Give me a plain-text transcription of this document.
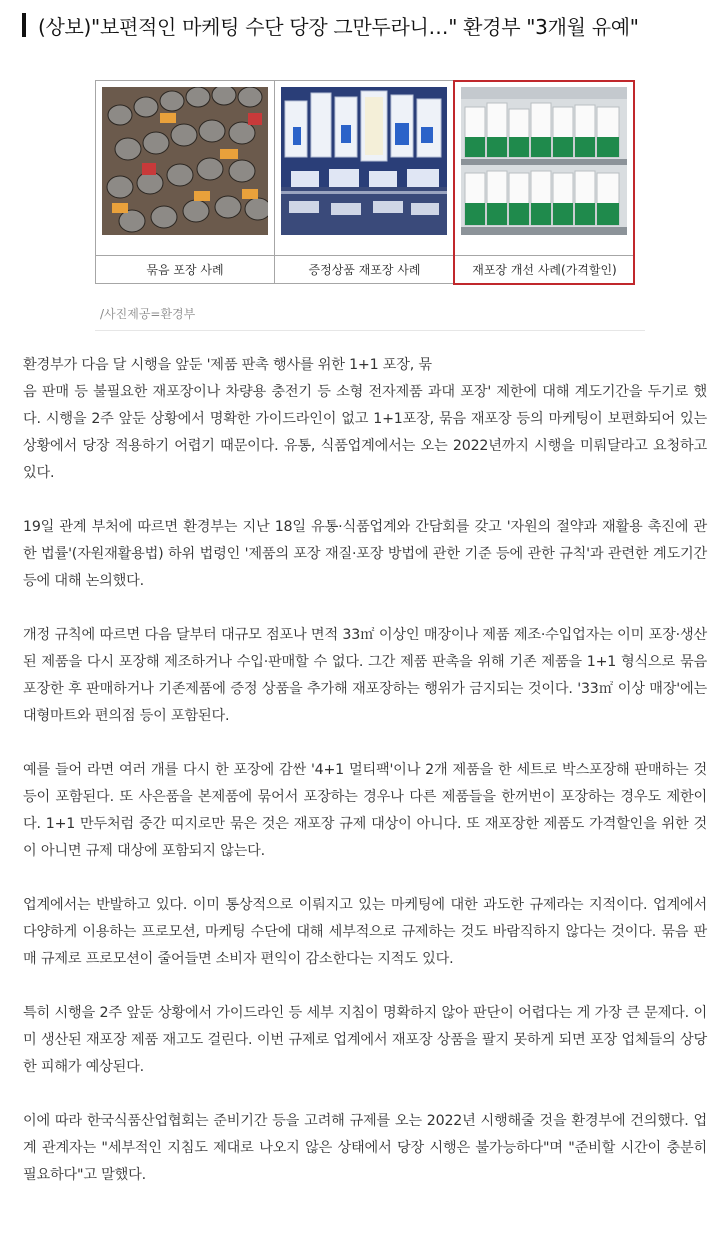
(상보)"보편적인 마케팅 수단 당장 그만두라니…" 환경부 "3개월 유예"
묶음 포장 사례	증정상품 재포장 사례	재포장 개선 사례(가격할인)
/사진제공=환경부

환경부가 다음 달 시행을 앞둔 '제품 판촉 행사를 위한 1+1 포장, 묶
음 판매 등 불필요한 재포장이나 차량용 충전기 등 소형 전자제품 과대 포장' 제한에 대해 계도기간을 두기로 했다. 시행을 2주 앞둔 상황에서 명확한 가이드라인이 없고 1+1포장, 묶음 재포장 등의 마케팅이 보편화되어 있는 상황에서 당장 적용하기 어렵기 때문이다. 유통, 식품업계에서는 오는 2022년까지 시행을 미뤄달라고 요청하고 있다.

19일 관계 부처에 따르면 환경부는 지난 18일 유통·식품업계와 간담회를 갖고 '자원의 절약과 재활용 촉진에 관한 법률'(자원재활용법) 하위 법령인 '제품의 포장 재질·포장 방법에 관한 기준 등에 관한 규칙'과 관련한 계도기간 등에 대해 논의했다.

개정 규칙에 따르면 다음 달부터 대규모 점포나 면적 33㎡ 이상인 매장이나 제품 제조·수입업자는 이미 포장·생산된 제품을 다시 포장해 제조하거나 수입·판매할 수 없다. 그간 제품 판촉을 위해 기존 제품을 1+1 형식으로 묶음 포장한 후 판매하거나 기존제품에 증정 상품을 추가해 재포장하는 행위가 금지되는 것이다. '33㎡ 이상 매장'에는 대형마트와 편의점 등이 포함된다.

예를 들어 라면 여러 개를 다시 한 포장에 감싼 '4+1 멀티팩'이나 2개 제품을 한 세트로 박스포장해 판매하는 것 등이 포함된다. 또 사은품을 본제품에 묶어서 포장하는 경우나 다른 제품들을 한꺼번이 포장하는 경우도 제한이다. 1+1 만두처럼 중간 띠지로만 묶은 것은 재포장 규제 대상이 아니다. 또 재포장한 제품도 가격할인을 위한 것이 아니면 규제 대상에 포함되지 않는다.

업계에서는 반발하고 있다. 이미 통상적으로 이뤄지고 있는 마케팅에 대한 과도한 규제라는 지적이다. 업계에서 다양하게 이용하는 프로모션, 마케팅 수단에 대해 세부적으로 규제하는 것도 바람직하지 않다는 것이다. 묶음 판매 규제로 프로모션이 줄어들면 소비자 편익이 감소한다는 지적도 있다.

특히 시행을 2주 앞둔 상황에서 가이드라인 등 세부 지침이 명확하지 않아 판단이 어렵다는 게 가장 큰 문제다. 이미 생산된 재포장 제품 재고도 걸린다. 이번 규제로 업계에서 재포장 상품을 팔지 못하게 되면 포장 업체들의 상당한 피해가 예상된다.

이에 따라 한국식품산업협회는 준비기간 등을 고려해 규제를 오는 2022년 시행해줄 것을 환경부에 건의했다. 업계 관계자는 "세부적인 지침도 제대로 나오지 않은 상태에서 당장 시행은 불가능하다"며 "준비할 시간이 충분히 필요하다"고 말했다.
